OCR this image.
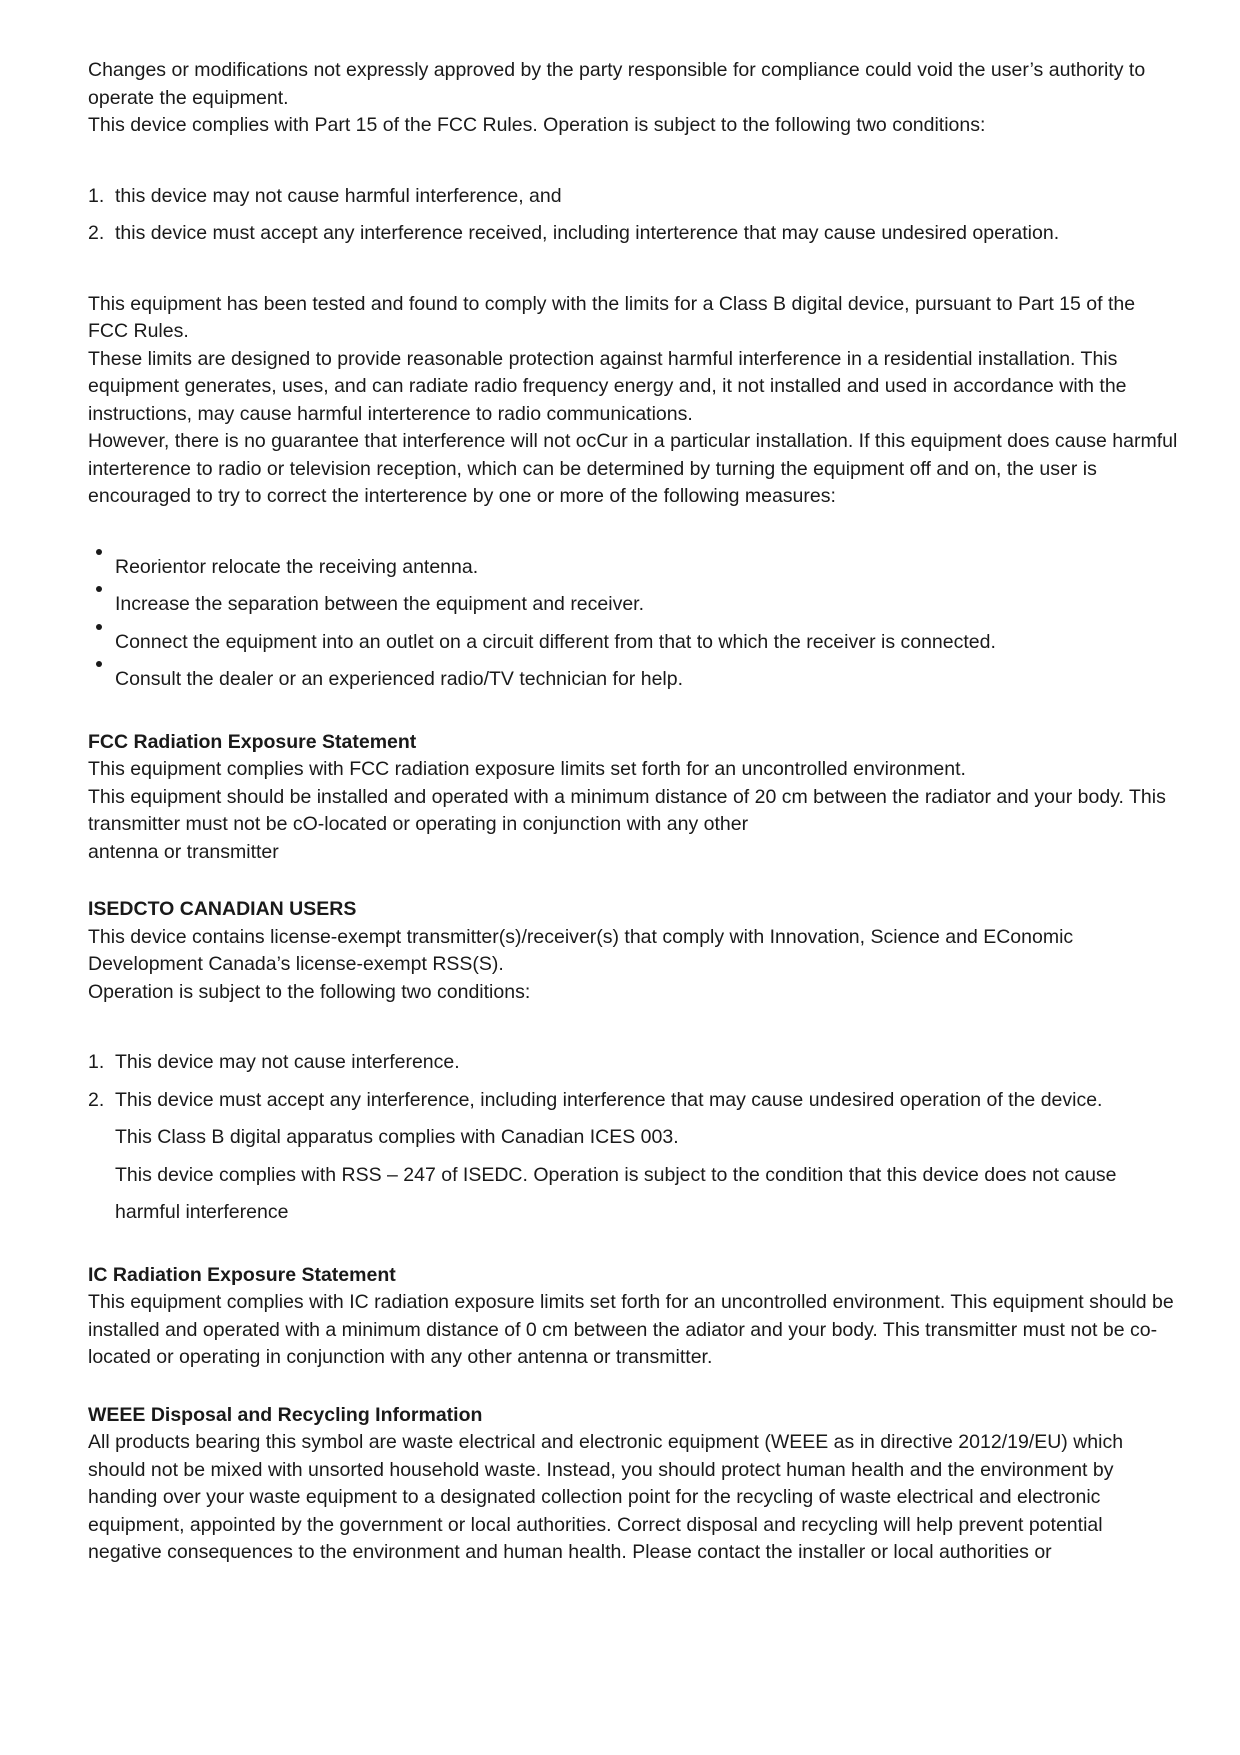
Changes or modifications not expressly approved by the party responsible for compliance could void the user’s authority to operate the equipment.

This device complies with Part 15 of the FCC Rules. Operation is subject to the following two conditions:

1. this device may not cause harmful interference, and
2. this device must accept any interference received, including interterence that may cause undesired operation.

This equipment has been tested and found to comply with the limits for a Class B digital device, pursuant to Part 15 of the FCC Rules.

These limits are designed to provide reasonable protection against harmful interference in a residential installation. This equipment generates, uses, and can radiate radio frequency energy and, it not installed and used in accordance with the instructions, may cause harmful interterence to radio communications.

However, there is no guarantee that interference will not ocCur in a particular installation. If this equipment does cause harmful interterence to radio or television reception, which can be determined by turning the equipment off and on, the user is encouraged to try to correct the interterence by one or more of the following measures:

Reorientor relocate the receiving antenna.
Increase the separation between the equipment and receiver.
Connect the equipment into an outlet on a circuit different from that to which the receiver is connected.
Consult the dealer or an experienced radio/TV technician for help.
FCC Radiation Exposure Statement

This equipment complies with FCC radiation exposure limits set forth for an uncontrolled environment.

This equipment should be installed and operated with a minimum distance of 20 cm between the radiator and your body. This transmitter must not be cO-located or operating in conjunction with any other

antenna or transmitter

ISEDCTO CANADIAN USERS

This device contains license-exempt transmitter(s)/receiver(s) that comply with Innovation, Science and EConomic Development Canada’s license-exempt RSS(S).

Operation is subject to the following two conditions:

1. This device may not cause interference.
2. This device must accept any interference, including interference that may cause undesired operation of the device.

This Class B digital apparatus complies with Canadian ICES 003.

This device complies with RSS – 247 of ISEDC. Operation is subject to the condition that this device does not cause harmful interference

IC Radiation Exposure Statement

This equipment complies with IC radiation exposure limits set forth for an uncontrolled environment. This equipment should be installed and operated with a minimum distance of 0 cm between the adiator and your body. This transmitter must not be co-located or operating in conjunction with any other antenna or transmitter.

WEEE Disposal and Recycling Information

All products bearing this symbol are waste electrical and electronic equipment (WEEE as in directive 2012/19/EU) which should not be mixed with unsorted household waste. Instead, you should protect human health and the environment by handing over your waste equipment to a designated collection point for the recycling of waste electrical and electronic equipment, appointed by the government or local authorities. Correct disposal and recycling will help prevent potential negative consequences to the environment and human health. Please contact the installer or local authorities or
